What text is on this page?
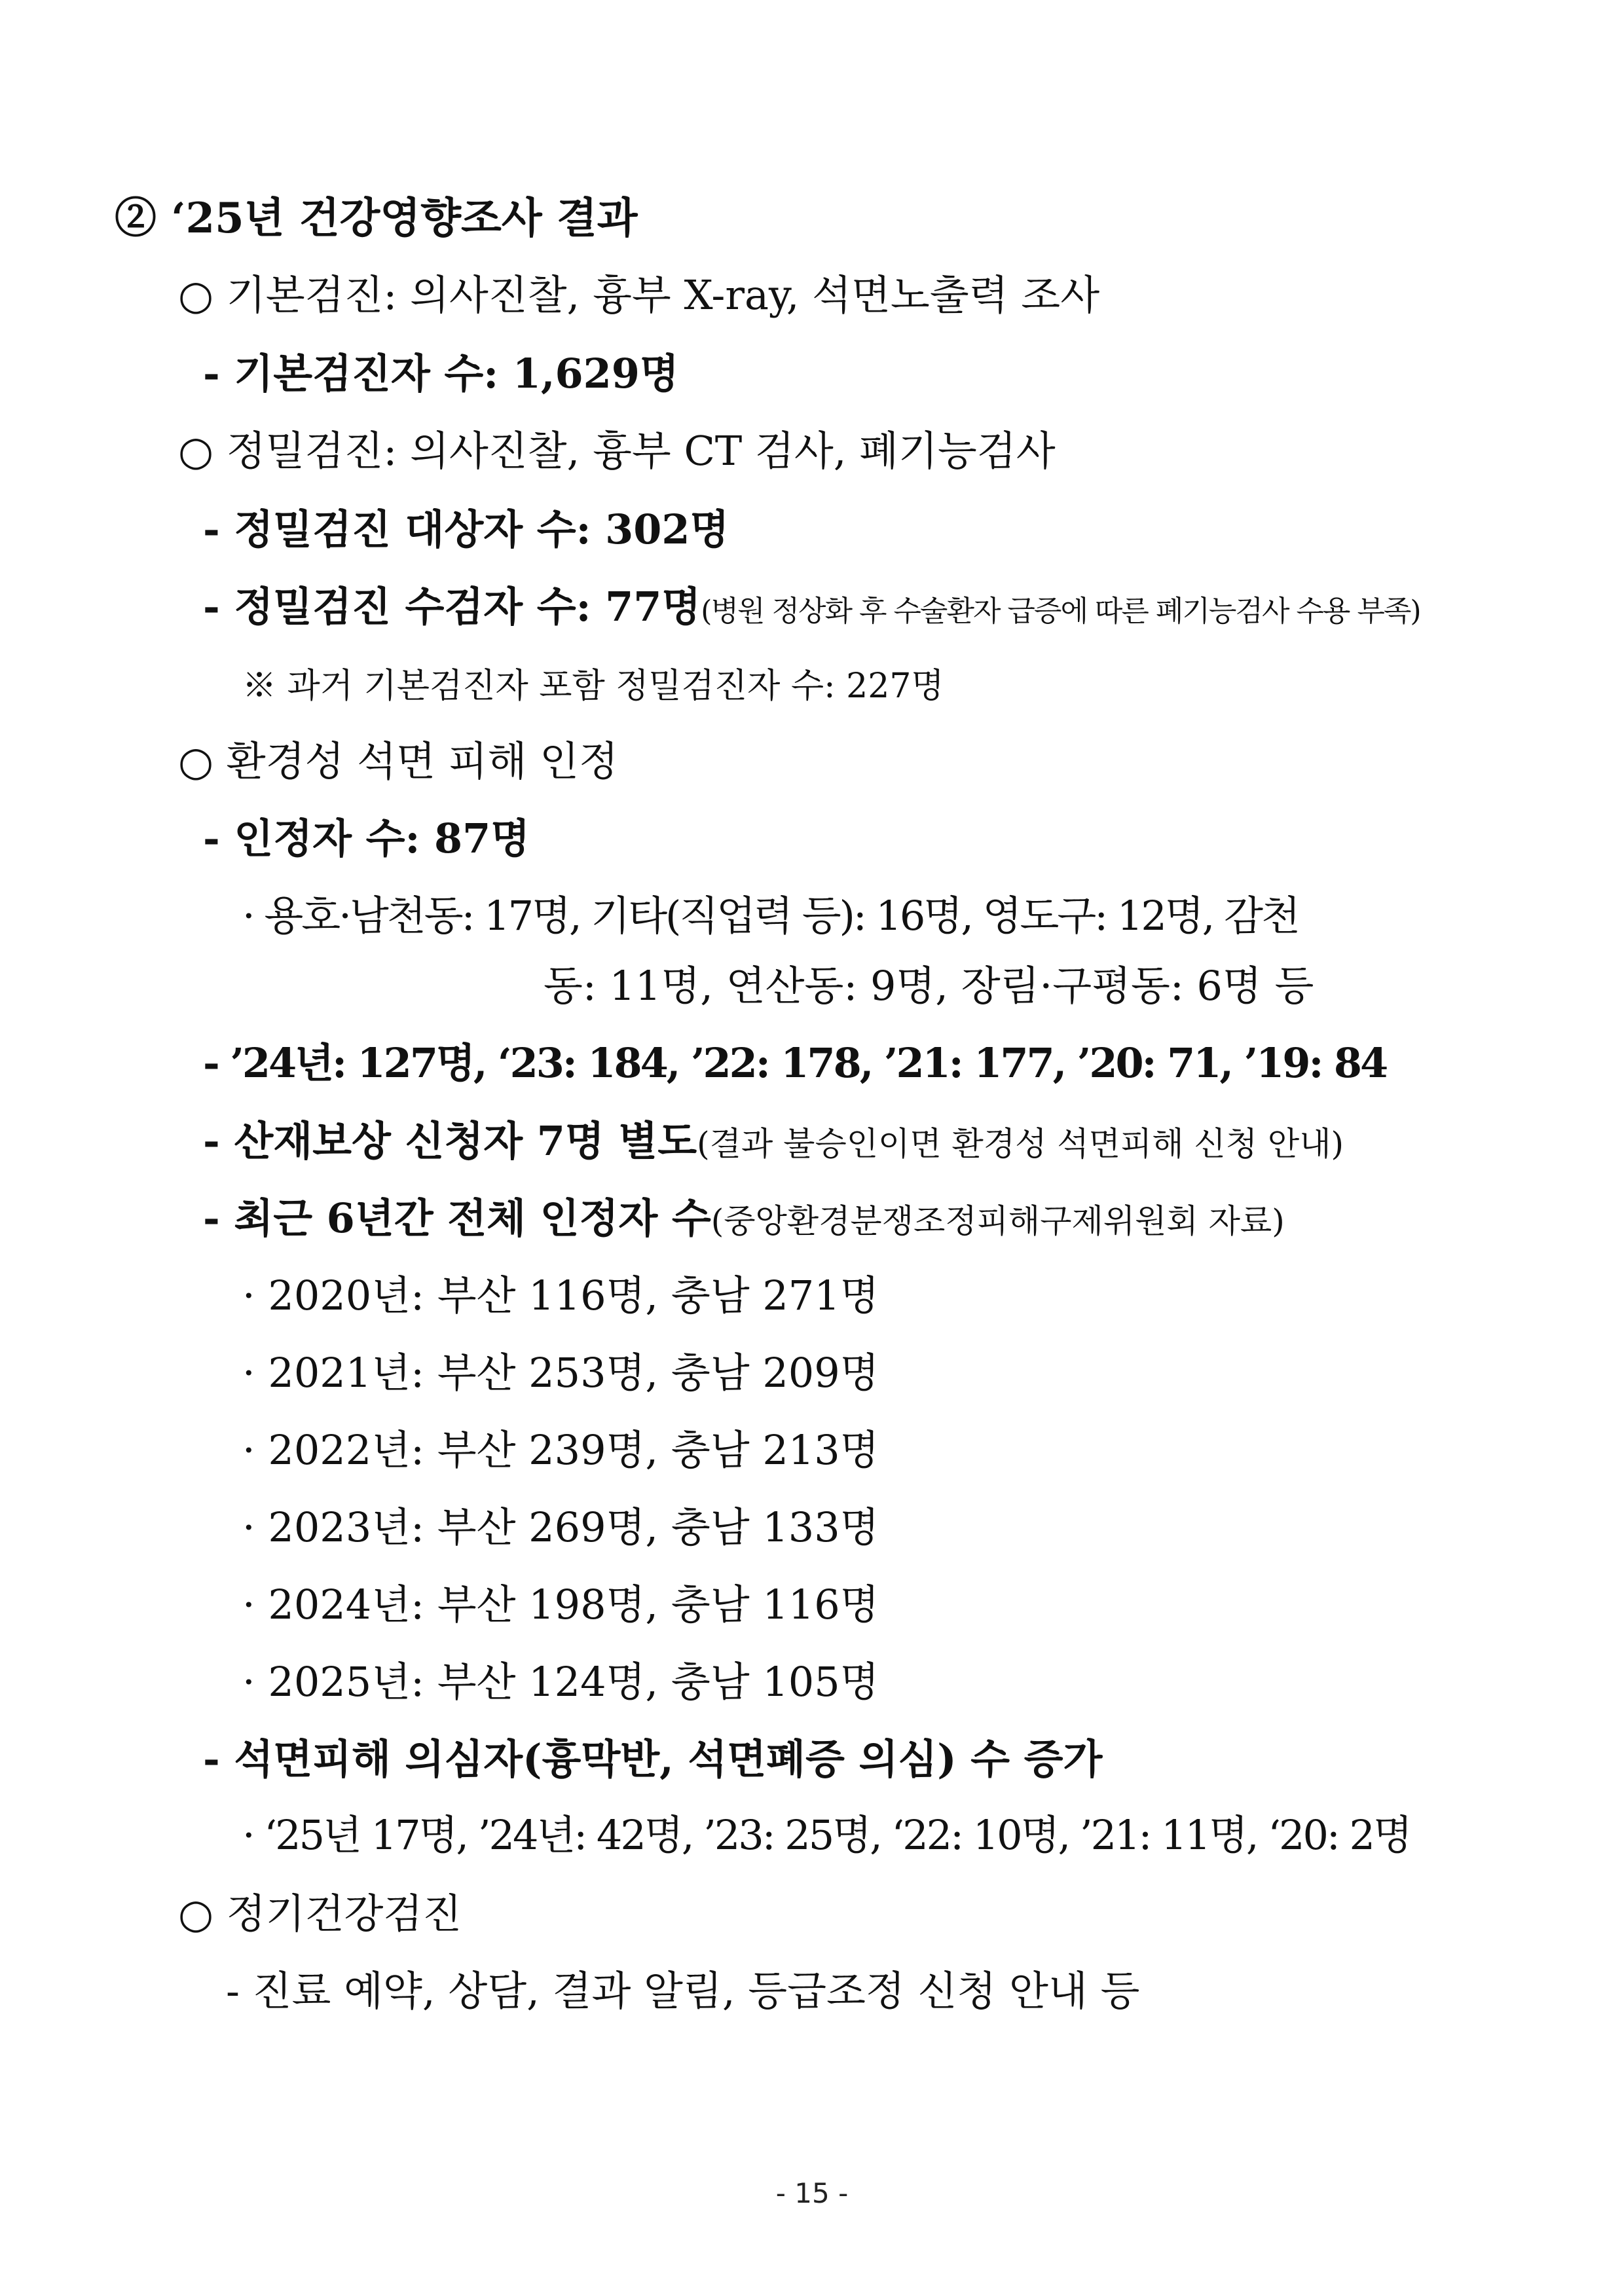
② ‘25년 건강영향조사 결과
○ 기본검진: 의사진찰, 흉부 X-ray, 석면노출력 조사
- 기본검진자 수: 1,629명
○ 정밀검진: 의사진찰, 흉부 CT 검사, 폐기능검사
- 정밀검진 대상자 수: 302명
- 정밀검진 수검자 수: 77명(병원 정상화 후 수술환자 급증에 따른 폐기능검사 수용 부족)
※ 과거 기본검진자 포함 정밀검진자 수: 227명
○ 환경성 석면 피해 인정
- 인정자 수: 87명
· 용호·남천동: 17명, 기타(직업력 등): 16명, 영도구: 12명, 감천
동: 11명, 연산동: 9명, 장림·구평동: 6명 등
- ’24년: 127명, ‘23: 184, ’22: 178, ’21: 177, ’20: 71, ’19: 84
- 산재보상 신청자 7명 별도(결과 불승인이면 환경성 석면피해 신청 안내)
- 최근 6년간 전체 인정자 수(중앙환경분쟁조정피해구제위원회 자료)
· 2020년: 부산 116명, 충남 271명
· 2021년: 부산 253명, 충남 209명
· 2022년: 부산 239명, 충남 213명
· 2023년: 부산 269명, 충남 133명
· 2024년: 부산 198명, 충남 116명
· 2025년: 부산 124명, 충남 105명
- 석면피해 의심자(흉막반, 석면폐증 의심) 수 증가
· ‘25년 17명, ’24년: 42명, ’23: 25명, ‘22: 10명, ’21: 11명, ‘20: 2명
○ 정기건강검진
- 진료 예약, 상담, 결과 알림, 등급조정 신청 안내 등
- 15 -
